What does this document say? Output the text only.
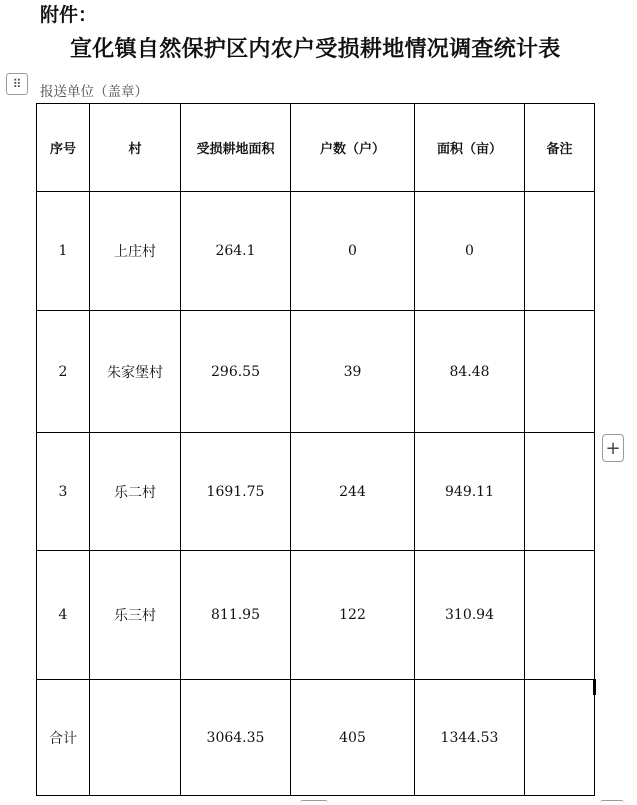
附件：
宣化镇自然保护区内农户受损耕地情况调查统计表
⠿ 报送单位（盖章）
序号	村	受损耕地面积	户数（户）	面积（亩）	备注
1	上庄村	264.1	0	0	
2	朱家堡村	296.55	39	84.48	
3	乐二村	1691.75	244	949.11	
4	乐三村	811.95	122	310.94	
合计		3064.35	405	1344.53	
+
